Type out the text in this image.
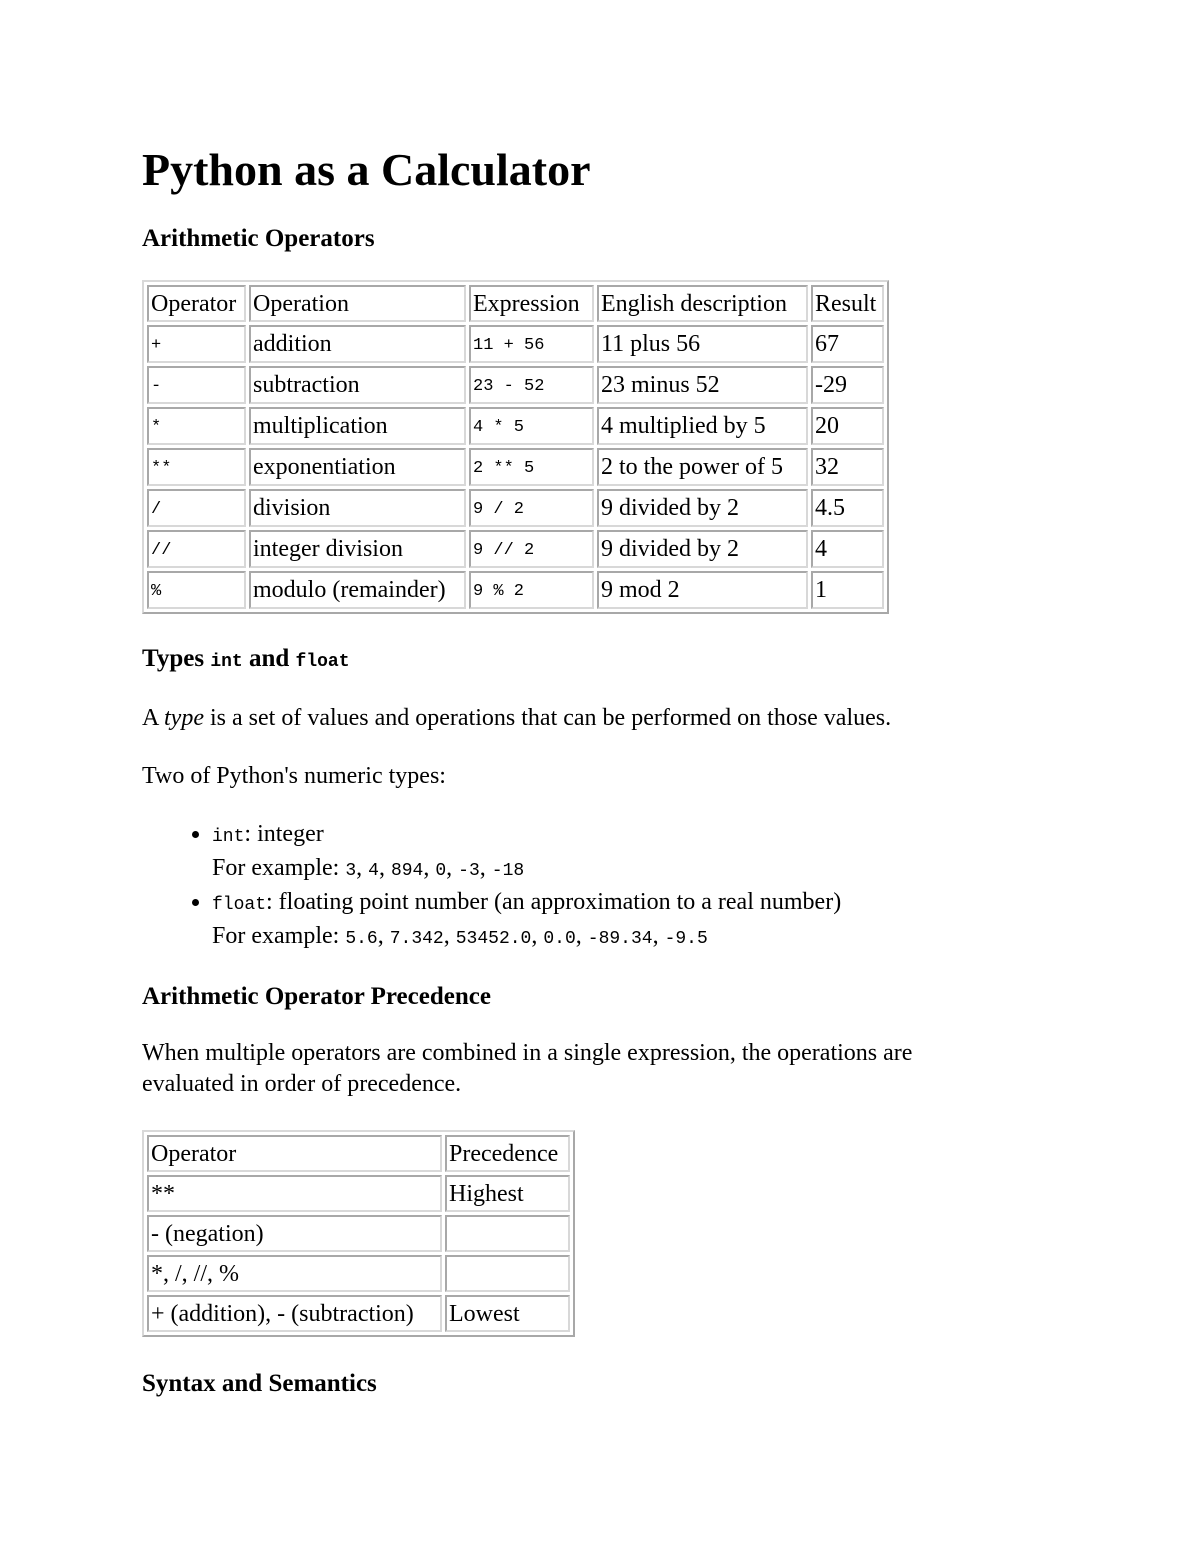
Python as a Calculator
Arithmetic Operators
Operator	Operation	Expression	English description	Result
+	addition	11 + 56	11 plus 56	67
-	subtraction	23 - 52	23 minus 52	-29
*	multiplication	4 * 5	4 multiplied by 5	20
**	exponentiation	2 ** 5	2 to the power of 5	32
/	division	9 / 2	9 divided by 2	4.5
//	integer division	9 // 2	9 divided by 2	4
%	modulo (remainder)	9 % 2	9 mod 2	1
Types int and float

A type is a set of values and operations that can be performed on those values.

Two of Python's numeric types:

• int: integer
For example: 3, 4, 894, 0, -3, -18
• float: floating point number (an approximation to a real number)
For example: 5.6, 7.342, 53452.0, 0.0, -89.34, -9.5
Arithmetic Operator Precedence

When multiple operators are combined in a single expression, the operations are evaluated in order of precedence.

Operator	Precedence
**	Highest
- (negation)	
*, /, //, %	
+ (addition), - (subtraction)	Lowest
Syntax and Semantics
